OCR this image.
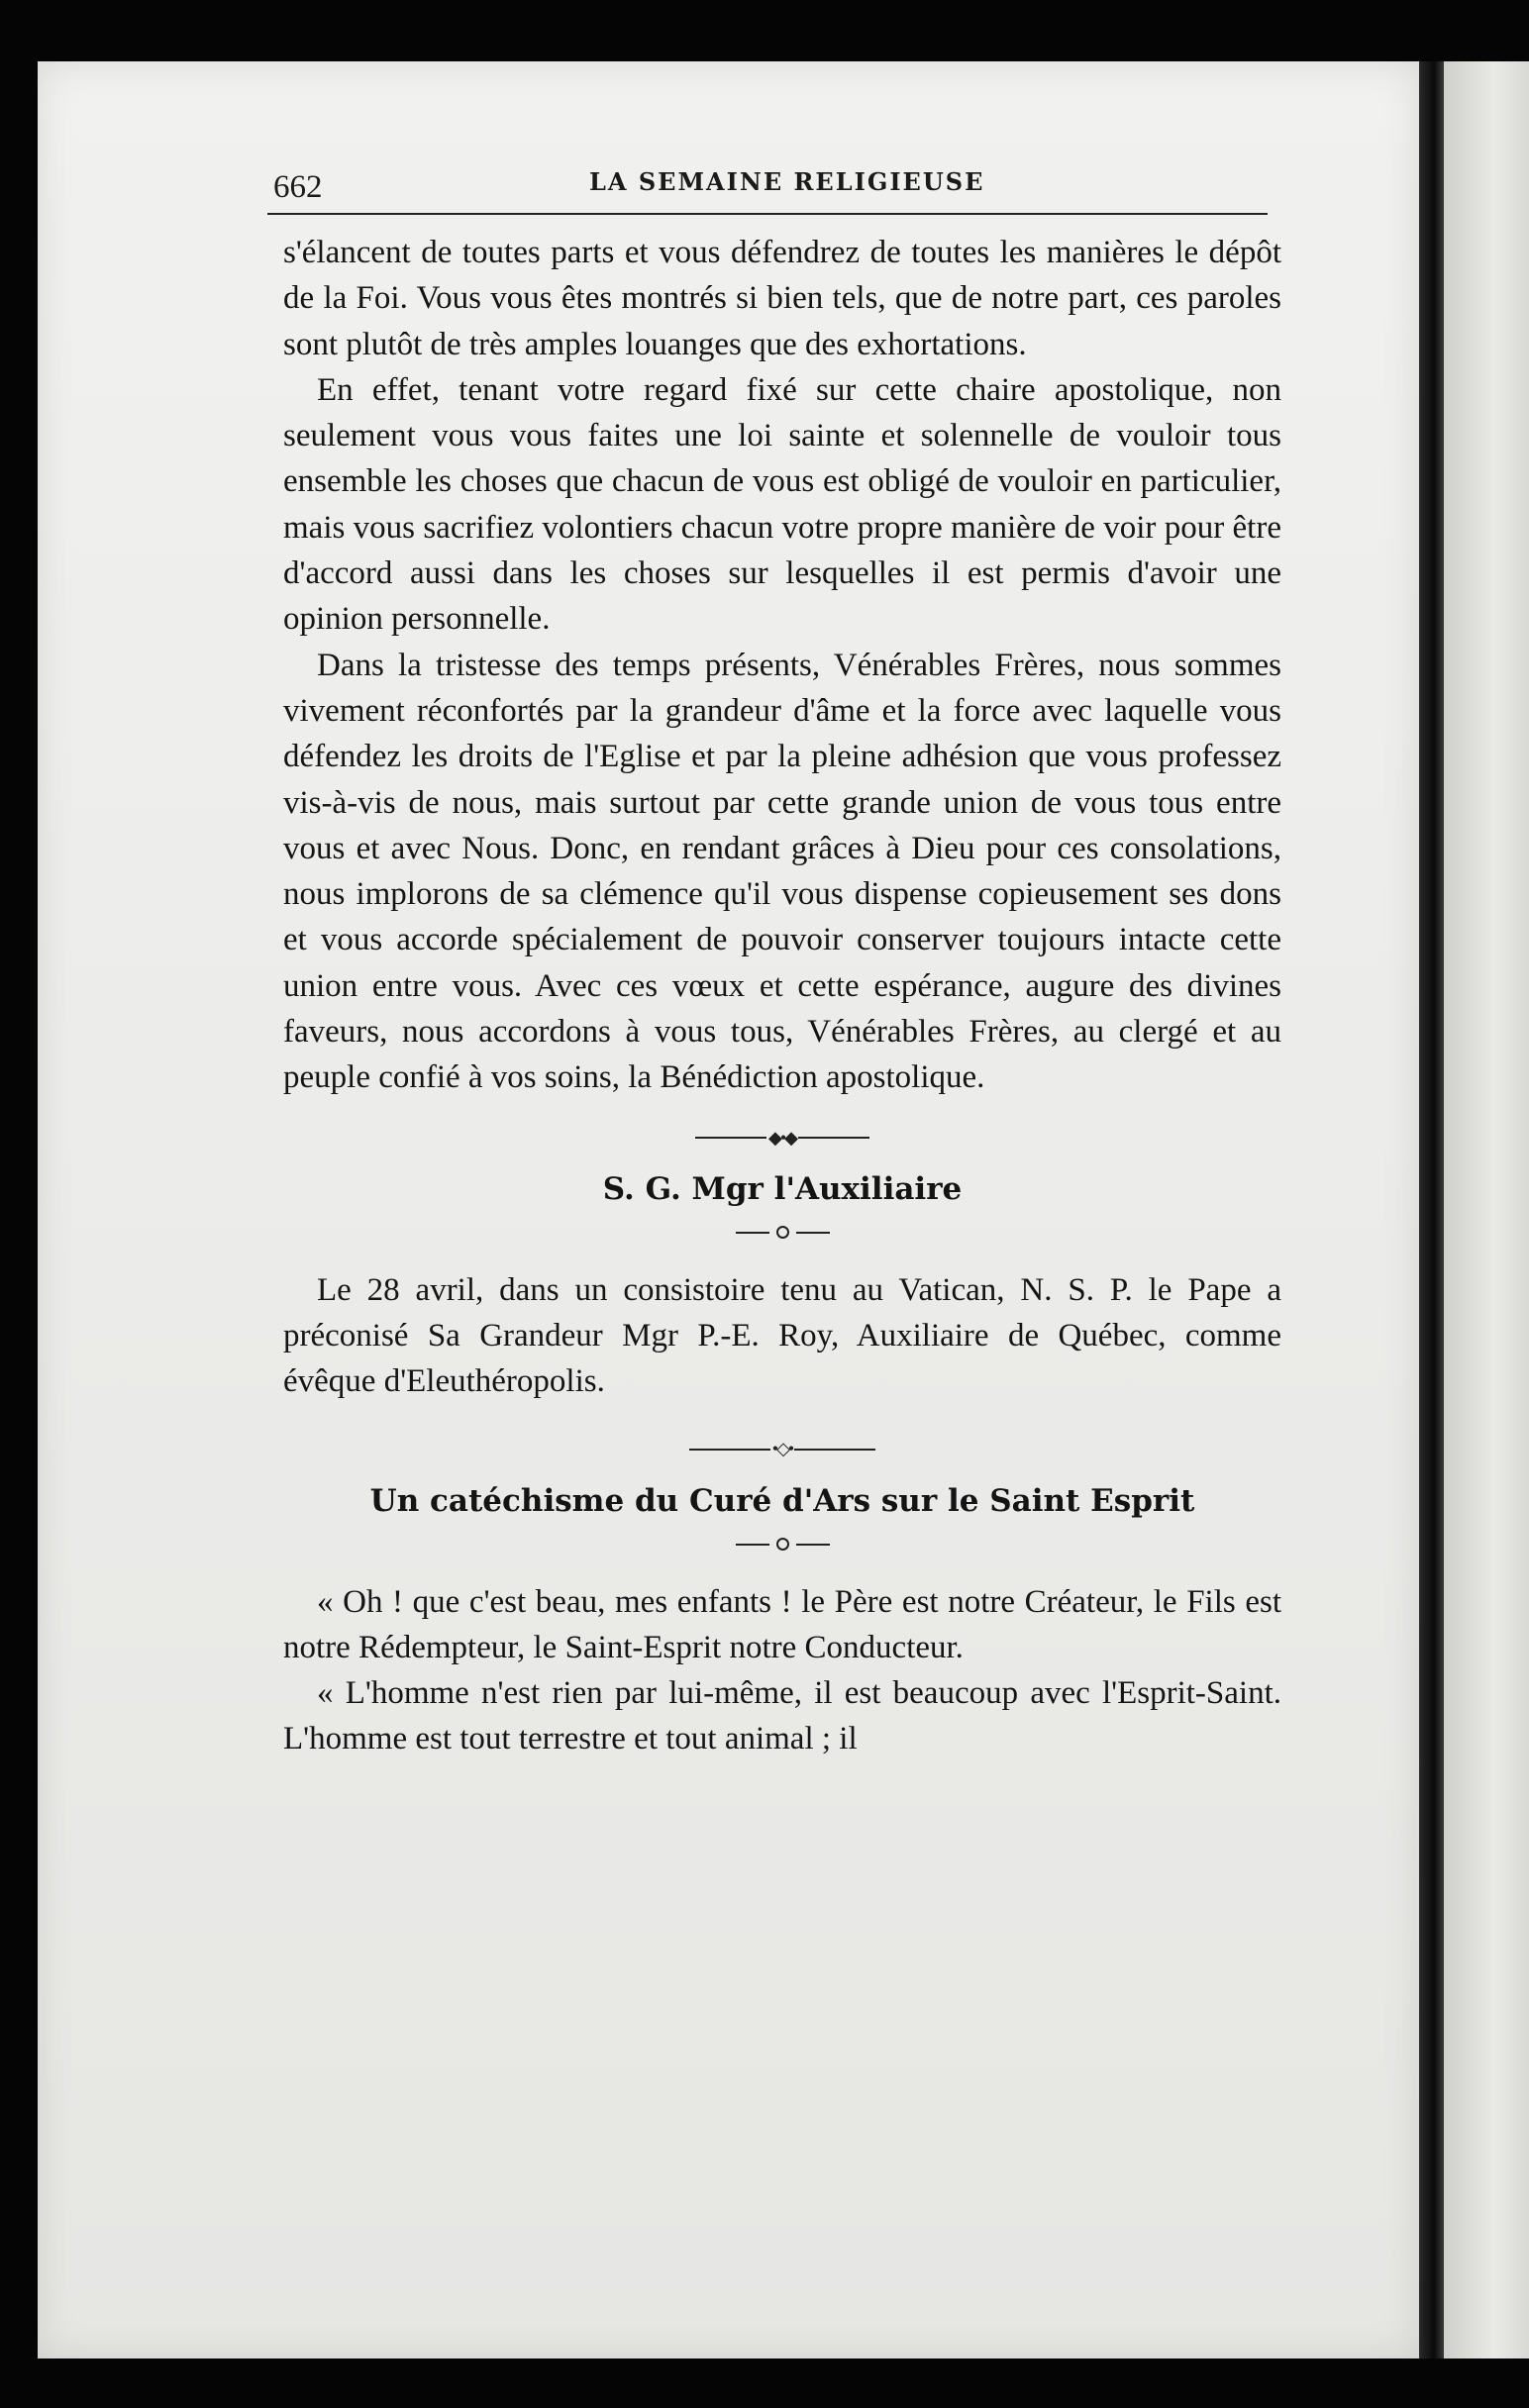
662	LA SEMAINE RELIGIEUSE

s'élancent de toutes parts et vous défendrez de toutes les manières le dépôt de la Foi. Vous vous êtes montrés si bien tels, que de notre part, ces paroles sont plutôt de très amples louanges que des exhortations.

En effet, tenant votre regard fixé sur cette chaire apostolique, non seulement vous vous faites une loi sainte et solennelle de vouloir tous ensemble les choses que chacun de vous est obligé de vouloir en particulier, mais vous sacrifiez volontiers chacun votre propre manière de voir pour être d'accord aussi dans les choses sur lesquelles il est permis d'avoir une opinion personnelle.

Dans la tristesse des temps présents, Vénérables Frères, nous sommes vivement réconfortés par la grandeur d'âme et la force avec laquelle vous défendez les droits de l'Eglise et par la pleine adhésion que vous professez vis-à-vis de nous, mais surtout par cette grande union de vous tous entre vous et avec Nous. Donc, en rendant grâces à Dieu pour ces consolations, nous implorons de sa clémence qu'il vous dispense copieusement ses dons et vous accorde spécialement de pouvoir conserver toujours intacte cette union entre vous. Avec ces vœux et cette espérance, augure des divines faveurs, nous accordons à vous tous, Vénérables Frères, au clergé et au peuple confié à vos soins, la Bénédiction apostolique.

◆•◆
S. G. Mgr l'Auxiliaire

Le 28 avril, dans un consistoire tenu au Vatican, N. S. P. le Pape a préconisé Sa Grandeur Mgr P.-E. Roy, Auxiliaire de Québec, comme évêque d'Eleuthéropolis.

•◇•
Un catéchisme du Curé d'Ars sur le Saint Esprit

« Oh ! que c'est beau, mes enfants ! le Père est notre Créateur, le Fils est notre Rédempteur, le Saint-Esprit notre Conducteur.

« L'homme n'est rien par lui-même, il est beaucoup avec l'Esprit-Saint. L'homme est tout terrestre et tout animal ; il
